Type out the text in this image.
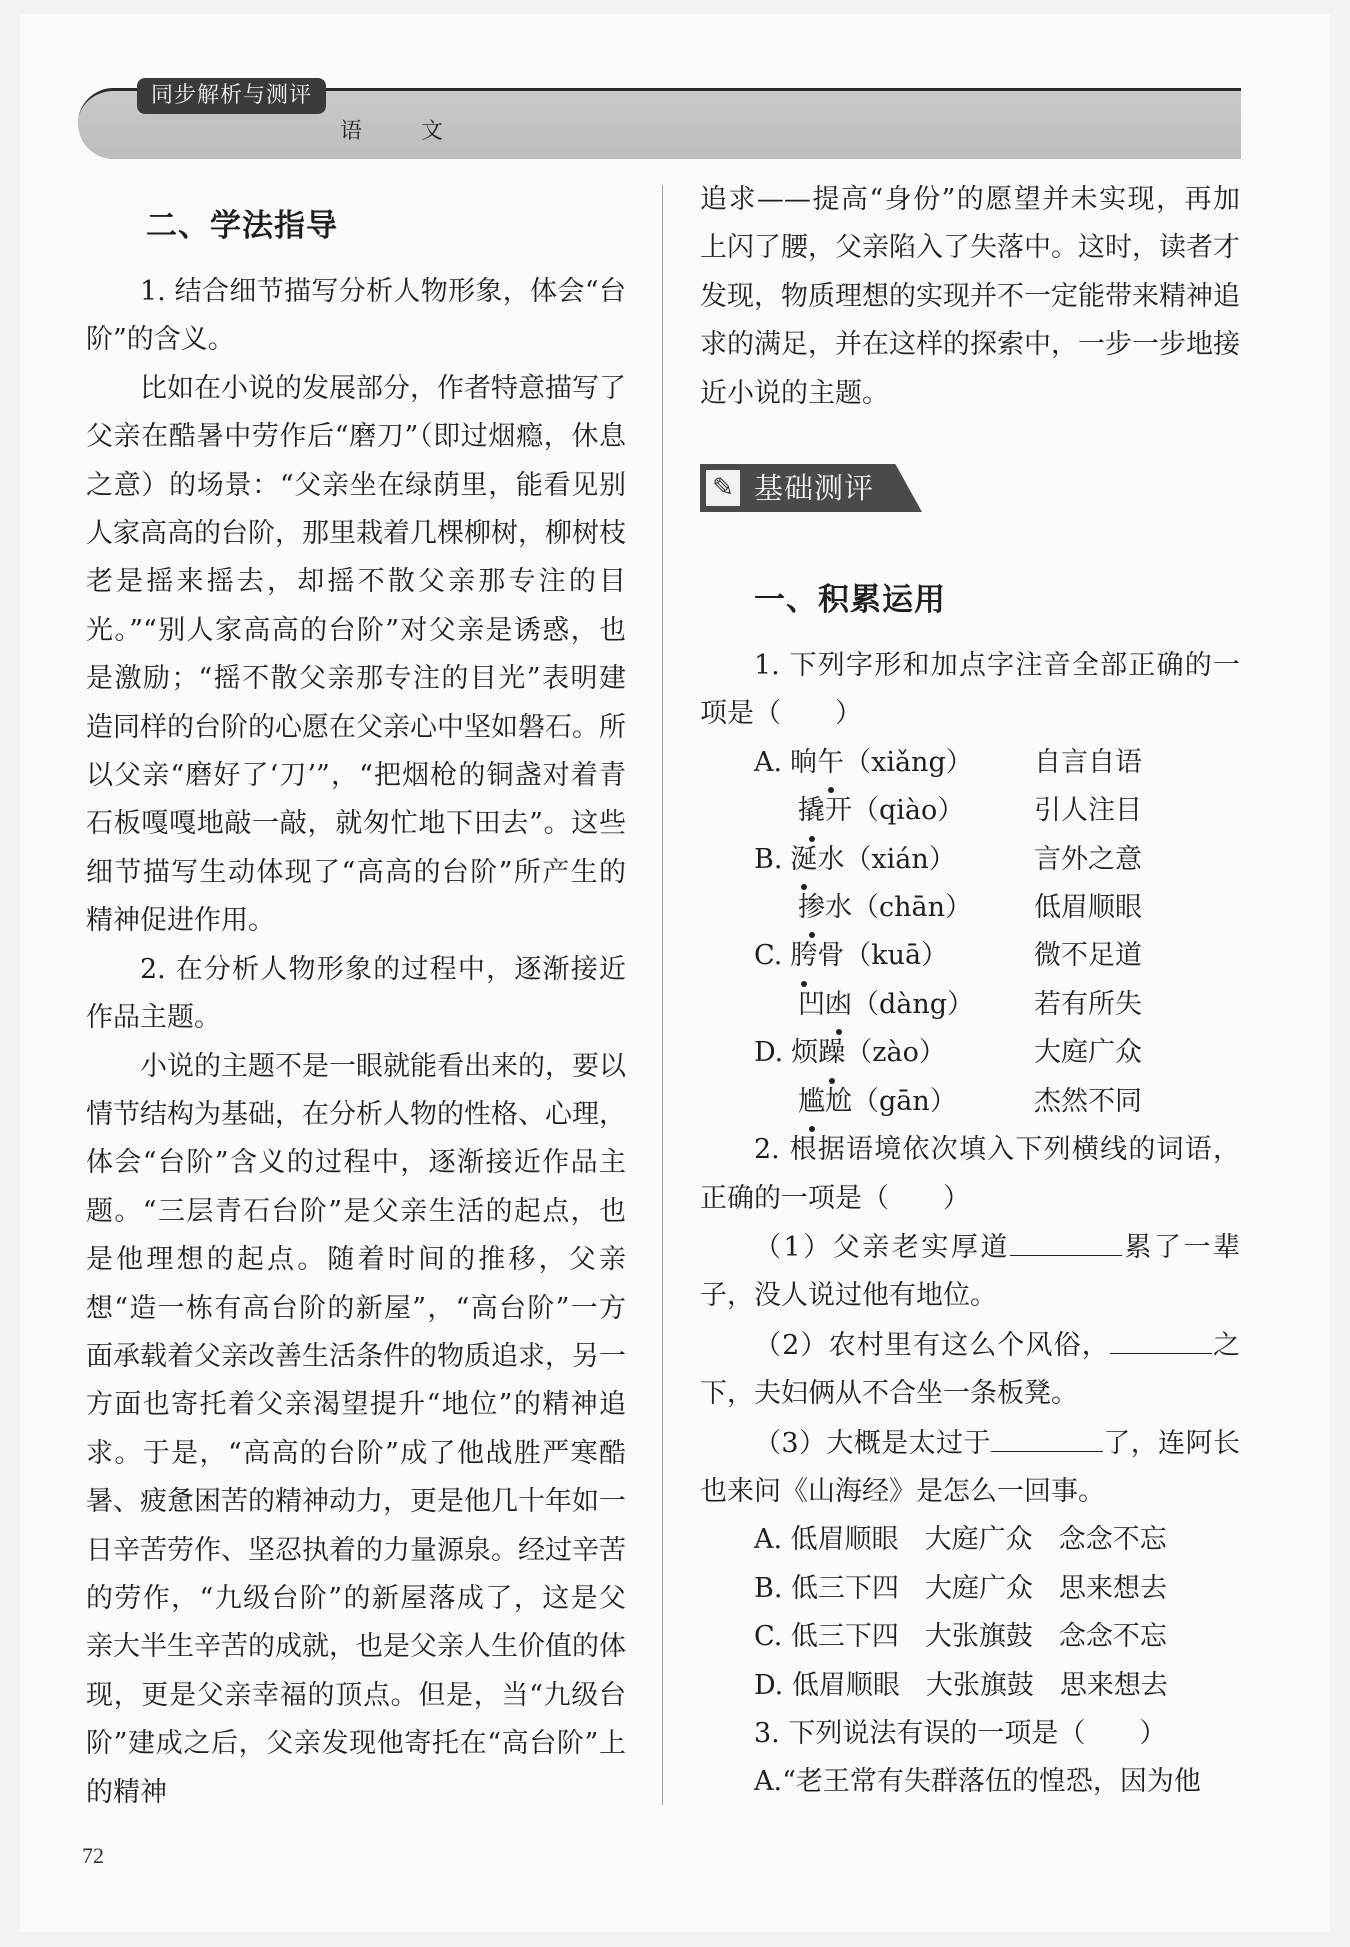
同步解析与测评
语 文
二、学法指导

1. 结合细节描写分析人物形象，体会“台阶”的含义。

比如在小说的发展部分，作者特意描写了父亲在酷暑中劳作后“磨刀”（即过烟瘾，休息之意）的场景：“父亲坐在绿荫里，能看见别人家高高的台阶，那里栽着几棵柳树，柳树枝老是摇来摇去，却摇不散父亲那专注的目光。”“别人家高高的台阶”对父亲是诱惑，也是激励；“摇不散父亲那专注的目光”表明建造同样的台阶的心愿在父亲心中坚如磐石。所以父亲“磨好了‘刀’”，“把烟枪的铜盏对着青石板嘎嘎地敲一敲，就匆忙地下田去”。这些细节描写生动体现了“高高的台阶”所产生的精神促进作用。

2. 在分析人物形象的过程中，逐渐接近作品主题。

小说的主题不是一眼就能看出来的，要以情节结构为基础，在分析人物的性格、心理，体会“台阶”含义的过程中，逐渐接近作品主题。“三层青石台阶”是父亲生活的起点，也是他理想的起点。随着时间的推移，父亲想“造一栋有高台阶的新屋”，“高台阶”一方面承载着父亲改善生活条件的物质追求，另一方面也寄托着父亲渴望提升“地位”的精神追求。于是，“高高的台阶”成了他战胜严寒酷暑、疲惫困苦的精神动力，更是他几十年如一日辛苦劳作、坚忍执着的力量源泉。经过辛苦的劳作，“九级台阶”的新屋落成了，这是父亲大半生辛苦的成就，也是父亲人生价值的体现，更是父亲幸福的顶点。但是，当“九级台阶”建成之后，父亲发现他寄托在“高台阶”上的精神

追求——提高“身份”的愿望并未实现，再加上闪了腰，父亲陷入了失落中。这时，读者才发现，物质理想的实现并不一定能带来精神追求的满足，并在这样的探索中，一步一步地接近小说的主题。

✎ 基础测评
一、积累运用

1. 下列字形和加点字注音全部正确的一项是（　　）

A. 晌午（xiǎng）	自言自语
撬开（qiào）	引人注目
B. 涎水（xián）	言外之意
掺水（chān）	低眉顺眼
C. 胯骨（kuā）	微不足道
凹凼（dàng）	若有所失
D. 烦躁（zào）	大庭广众
尴尬（gān）	杰然不同

2. 根据语境依次填入下列横线的词语，正确的一项是（　　）

（1）父亲老实厚道	累了一辈子，没人说过他有地位。

（2）农村里有这么个风俗，	之下，夫妇俩从不合坐一条板凳。

（3）大概是太过于	了，连阿长也来问《山海经》是怎么一回事。

A. 低眉顺眼 大庭广众 念念不忘
B. 低三下四 大庭广众 思来想去
C. 低三下四 大张旗鼓 念念不忘
D. 低眉顺眼 大张旗鼓 思来想去

3. 下列说法有误的一项是（　　）

A.“老王常有失群落伍的惶恐，因为他

72
